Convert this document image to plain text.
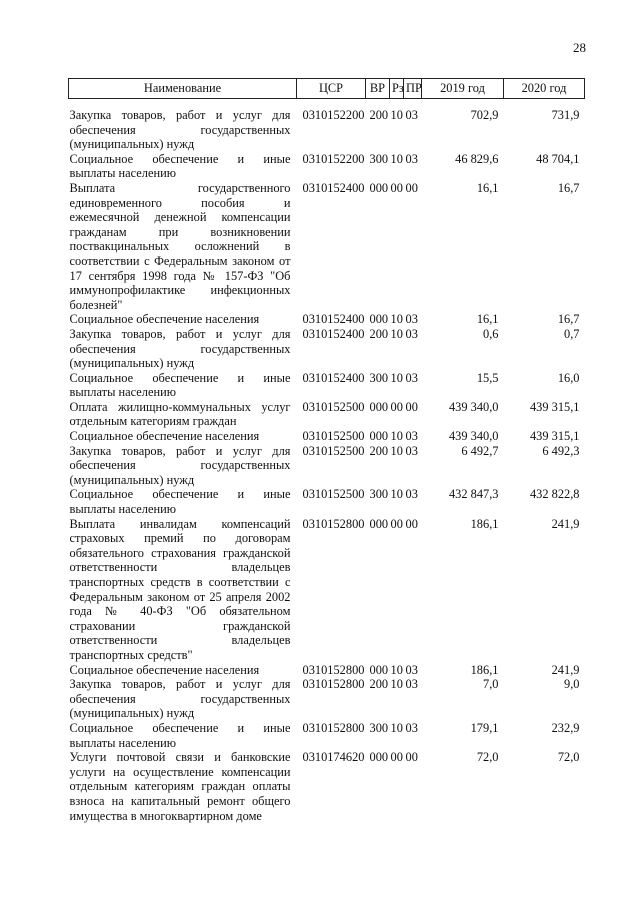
28
Наименование	ЦСР	ВР	Рз	ПР	2019 год	2020 год
Закупка товаров, работ и услуг для обеспечения государственных (муниципальных) нужд	0310152200	200	10	03	702,9	731,9
Социальное обеспечение и иные выплаты населению	0310152200	300	10	03	46 829,6	48 704,1
Выплата государственного единовременного пособия и ежемесячной денежной компенсации гражданам при возникновении поствакцинальных осложнений в соответствии с Федеральным законом от 17 сентября 1998 года № 157-ФЗ "Об иммунопрофилактике инфекционных болезней"	0310152400	000	00	00	16,1	16,7
Социальное обеспечение населения	0310152400	000	10	03	16,1	16,7
Закупка товаров, работ и услуг для обеспечения государственных (муниципальных) нужд	0310152400	200	10	03	0,6	0,7
Социальное обеспечение и иные выплаты населению	0310152400	300	10	03	15,5	16,0
Оплата жилищно-коммунальных услуг отдельным категориям граждан	0310152500	000	00	00	439 340,0	439 315,1
Социальное обеспечение населения	0310152500	000	10	03	439 340,0	439 315,1
Закупка товаров, работ и услуг для обеспечения государственных (муниципальных) нужд	0310152500	200	10	03	6 492,7	6 492,3
Социальное обеспечение и иные выплаты населению	0310152500	300	10	03	432 847,3	432 822,8
Выплата инвалидам компенсаций страховых премий по договорам обязательного страхования гражданской ответственности владельцев транспортных средств в соответствии с Федеральным законом от 25 апреля 2002 года № 40-ФЗ "Об обязательном страховании гражданской ответственности владельцев транспортных средств"	0310152800	000	00	00	186,1	241,9
Социальное обеспечение населения	0310152800	000	10	03	186,1	241,9
Закупка товаров, работ и услуг для обеспечения государственных (муниципальных) нужд	0310152800	200	10	03	7,0	9,0
Социальное обеспечение и иные выплаты населению	0310152800	300	10	03	179,1	232,9
Услуги почтовой связи и банковские услуги на осуществление компенсации отдельным категориям граждан оплаты взноса на капитальный ремонт общего имущества в многоквартирном доме	0310174620	000	00	00	72,0	72,0
